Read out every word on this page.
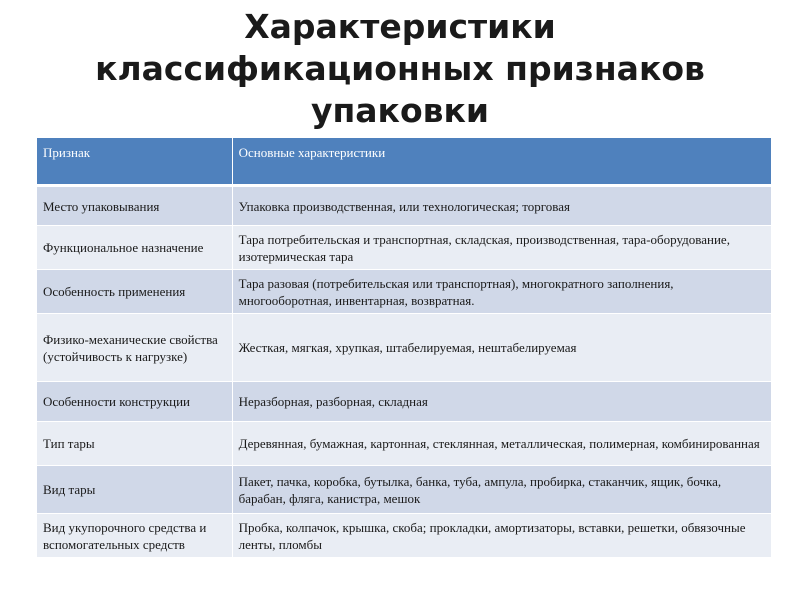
Характеристики
классификационных признаков
упаковки
Признак	Основные характеристики
Место упаковывания	Упаковка производственная, или технологическая; торговая
Функциональное назначение	Тара потребительская и транспортная, складская, производственная, тара-оборудование, изотермическая тара
Особенность применения	Тара разовая (потребительская или транспортная), многократного заполнения, многооборотная, инвентарная, возвратная.
Физико-механические свойства (устойчивость к нагрузке)	Жесткая, мягкая, хрупкая, штабелируемая, нештабелируемая
Особенности конструкции	Неразборная, разборная, складная
Тип тары	Деревянная, бумажная, картонная, стеклянная, металлическая, полимерная, комбинированная
Вид тары	Пакет, пачка, коробка, бутылка, банка, туба, ампула, пробирка, стаканчик, ящик, бочка, барабан, фляга, канистра, мешок
Вид укупорочного средства и вспомогательных средств	Пробка, колпачок, крышка, скоба; прокладки, амортизаторы, вставки, решетки, обвязочные ленты, пломбы
